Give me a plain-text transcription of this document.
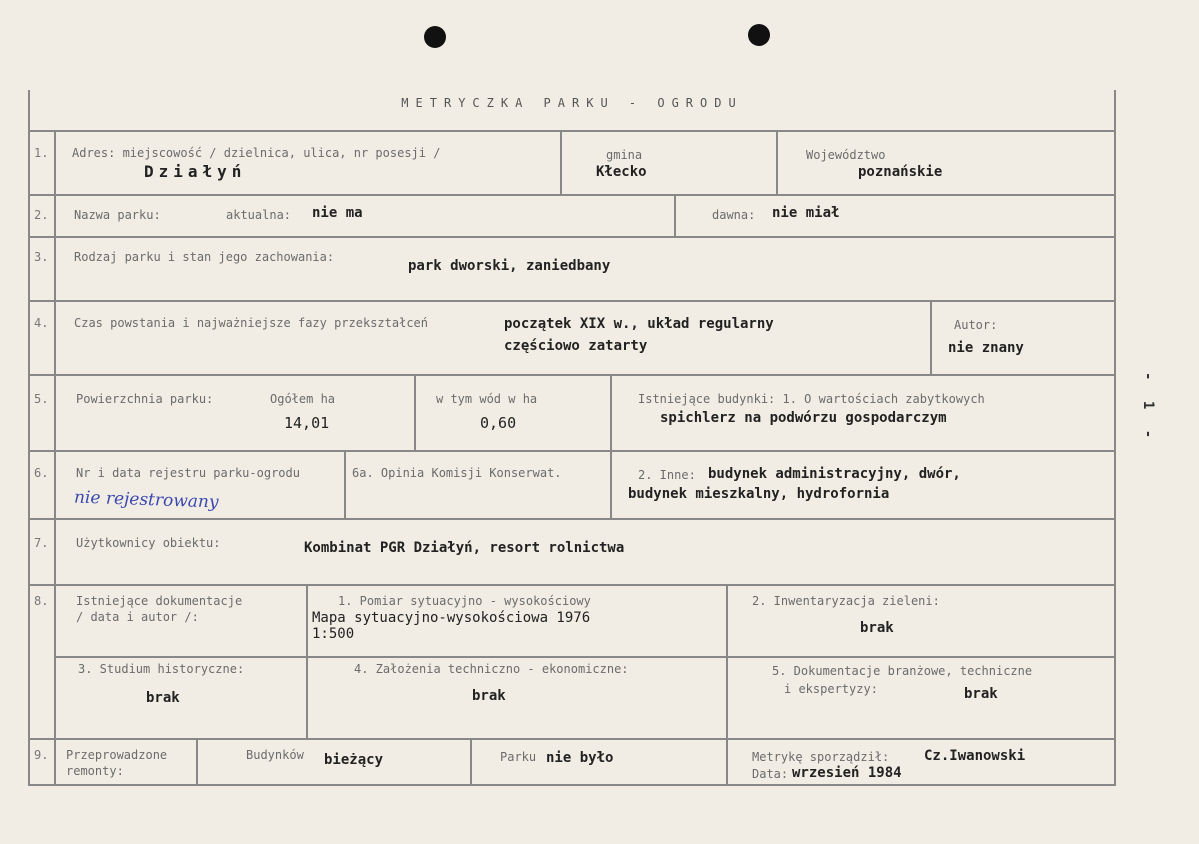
METRYCZKA PARKU - OGRODU
1. Adres: miejscowość / dzielnica, ulica, nr posesji /
Działyń
gmina
Kłecko
Województwo
poznańskie
2. Nazwa parku:	aktualna: nie ma	dawna: nie miał
3. Rodzaj parku i stan jego zachowania:
park dworski, zaniedbany
4. Czas powstania i najważniejsze fazy przekształceń	początek XIX w., układ regularny
częściowo zatarty
Autor:
nie znany
5. Powierzchnia parku:	Ogółem ha
14,01
w tym wód w ha
0,60
Istniejące budynki: 1. O wartościach zabytkowych
spichlerz na podwórzu gospodarczym
6. Nr i data rejestru parku-ogrodu
nie rejestrowany
6a. Opinia Komisji Konserwat.	2. Inne: budynek administracyjny, dwór,
budynek mieszkalny, hydrofornia
7. Użytkownicy obiektu:	Kombinat PGR Działyń, resort rolnictwa
8. Istniejące dokumentacje
/ data i autor /:
1. Pomiar sytuacyjno - wysokościowy
Mapa sytuacyjno-wysokościowa 1976
1:500
2. Inwentaryzacja zieleni:
brak
3. Studium historyczne:
brak
4. Założenia techniczno - ekonomiczne:
brak
5. Dokumentacje branżowe, techniczne
i ekspertyzy:	brak
9. Przeprowadzone
remonty:
Budynków bieżący	Parku nie było	Metrykę sporządził: Cz.Iwanowski
Data: wrzesień 1984
- 1 -
